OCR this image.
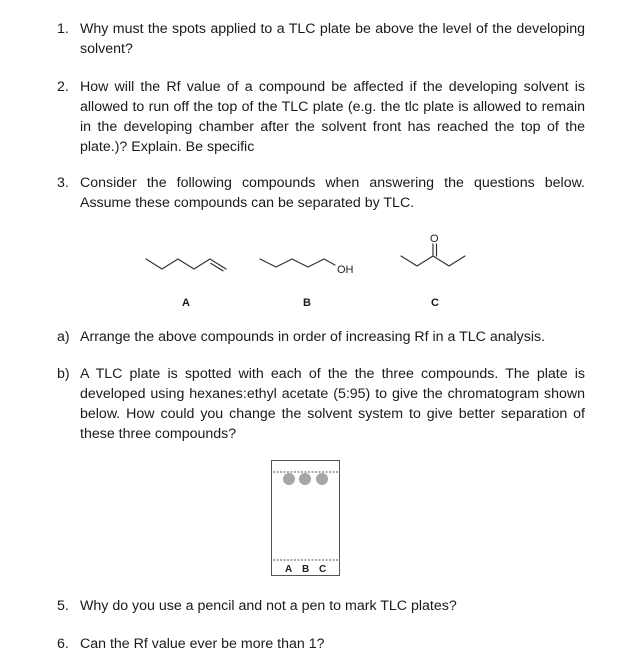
1. Why must the spots applied to a TLC plate be above the level of the developing solvent?
2. How will the Rf value of a compound be affected if the developing solvent is allowed to run off the top of the TLC plate (e.g. the tlc plate is allowed to remain in the developing chamber after the solvent front has reached the top of the plate.)? Explain. Be specific
3. Consider the following compounds when answering the questions below. Assume these compounds can be separated by TLC.
OH
O
A	B	C
a) Arrange the above compounds in order of increasing Rf in a TLC analysis.
b) A TLC plate is spotted with each of the the three compounds. The plate is developed using hexanes:ethyl acetate (5:95) to give the chromatogram shown below. How could you change the solvent system to give better separation of these three compounds?
A B C
5. Why do you use a pencil and not a pen to mark TLC plates?
6. Can the Rf value ever be more than 1?
